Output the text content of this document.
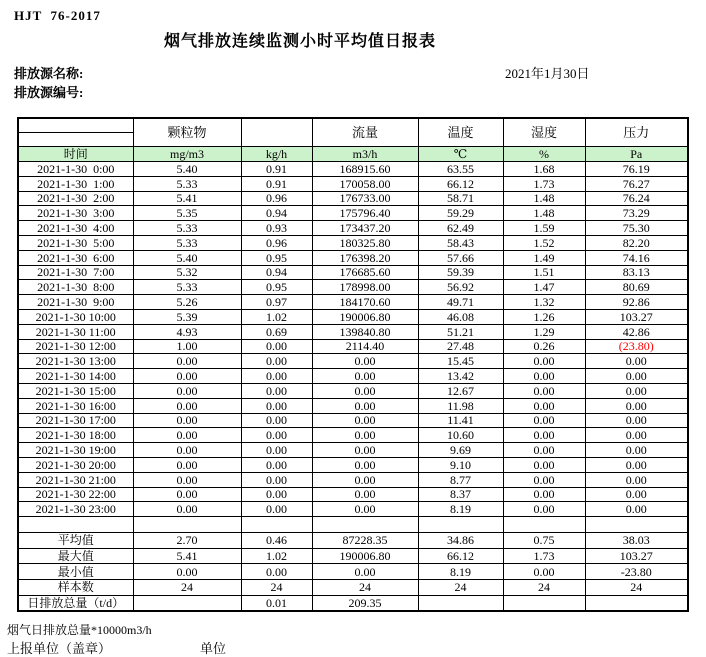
HJT  76-2017
烟气排放连续监测小时平均值日报表
排放源名称:	2021年1月30日
排放源编号:
	颗粒物		流量	温度	湿度	压力

时间	mg/m3	kg/h	m3/h	℃	%	Pa
2021-1-30  0:00	5.40	0.91	168915.60	63.55	1.68	76.19
2021-1-30  1:00	5.33	0.91	170058.00	66.12	1.73	76.27
2021-1-30  2:00	5.41	0.96	176733.00	58.71	1.48	76.24
2021-1-30  3:00	5.35	0.94	175796.40	59.29	1.48	73.29
2021-1-30  4:00	5.33	0.93	173437.20	62.49	1.59	75.30
2021-1-30  5:00	5.33	0.96	180325.80	58.43	1.52	82.20
2021-1-30  6:00	5.40	0.95	176398.20	57.66	1.49	74.16
2021-1-30  7:00	5.32	0.94	176685.60	59.39	1.51	83.13
2021-1-30  8:00	5.33	0.95	178998.00	56.92	1.47	80.69
2021-1-30  9:00	5.26	0.97	184170.60	49.71	1.32	92.86
2021-1-30 10:00	5.39	1.02	190006.80	46.08	1.26	103.27
2021-1-30 11:00	4.93	0.69	139840.80	51.21	1.29	42.86
2021-1-30 12:00	1.00	0.00	2114.40	27.48	0.26	(23.80)
2021-1-30 13:00	0.00	0.00	0.00	15.45	0.00	0.00
2021-1-30 14:00	0.00	0.00	0.00	13.42	0.00	0.00
2021-1-30 15:00	0.00	0.00	0.00	12.67	0.00	0.00
2021-1-30 16:00	0.00	0.00	0.00	11.98	0.00	0.00
2021-1-30 17:00	0.00	0.00	0.00	11.41	0.00	0.00
2021-1-30 18:00	0.00	0.00	0.00	10.60	0.00	0.00
2021-1-30 19:00	0.00	0.00	0.00	9.69	0.00	0.00
2021-1-30 20:00	0.00	0.00	0.00	9.10	0.00	0.00
2021-1-30 21:00	0.00	0.00	0.00	8.77	0.00	0.00
2021-1-30 22:00	0.00	0.00	0.00	8.37	0.00	0.00
2021-1-30 23:00	0.00	0.00	0.00	8.19	0.00	0.00

平均值	2.70	0.46	87228.35	34.86	0.75	38.03
最大值	5.41	1.02	190006.80	66.12	1.73	103.27
最小值	0.00	0.00	0.00	8.19	0.00	-23.80
样本数	24	24	24	24	24	24
日排放总量（t/d）		0.01	209.35			
烟气日排放总量*10000m3/h
上报单位（盖章）	单位
